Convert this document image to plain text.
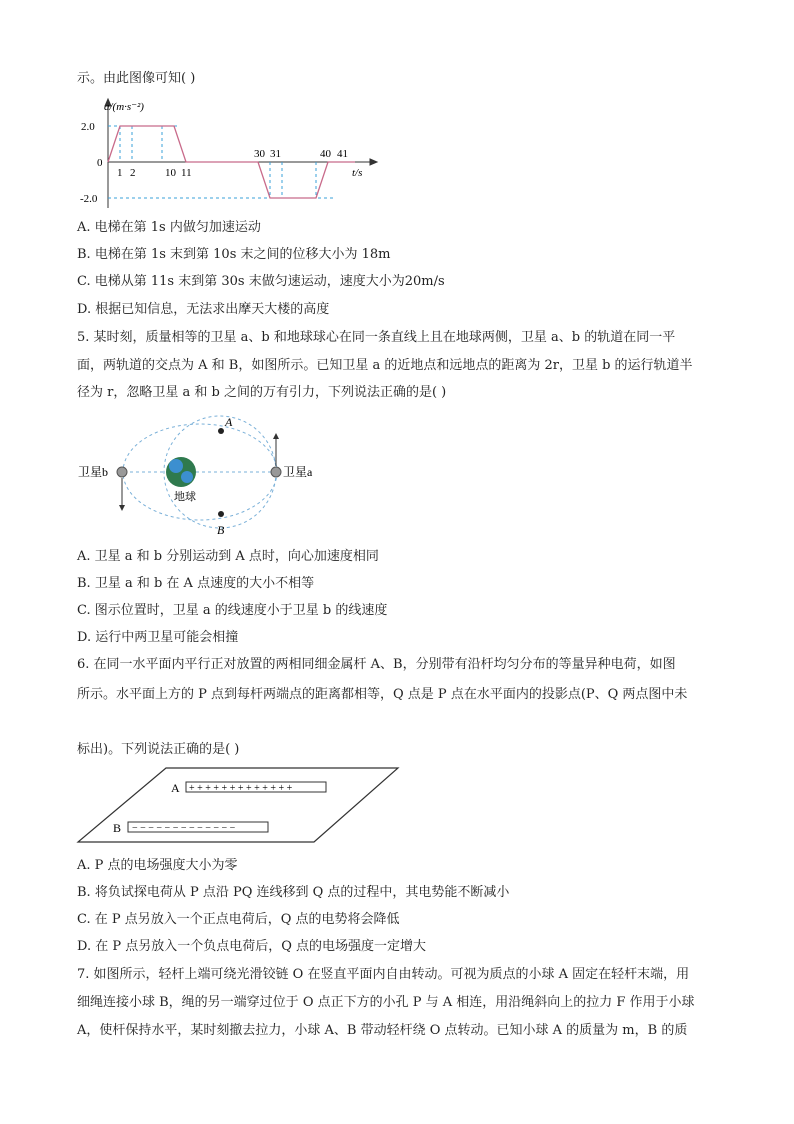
示。由此图像可知( )
a/(m·s⁻²)
2.0
0
-2.0
1 2	10 11
30 31	40 41
t/s
A. 电梯在第 1s 内做匀加速运动
B. 电梯在第 1s 末到第 10s 末之间的位移大小为 18m
C. 电梯从第 11s 末到第 30s 末做匀速运动，速度大小为20m/s
D. 根据已知信息，无法求出摩天大楼的高度
5. 某时刻，质量相等的卫星 a、b 和地球球心在同一条直线上且在地球两侧，卫星 a、b 的轨道在同一平
面，两轨道的交点为 A 和 B，如图所示。已知卫星 a 的近地点和远地点的距离为 2r，卫星 b 的运行轨道半
径为 r，忽略卫星 a 和 b 之间的万有引力，下列说法正确的是( )
A
B
地球
卫星b	卫星a
A. 卫星 a 和 b 分别运动到 A 点时，向心加速度相同
B. 卫星 a 和 b 在 A 点速度的大小不相等
C. 图示位置时，卫星 a 的线速度小于卫星 b 的线速度
D. 运行中两卫星可能会相撞
6. 在同一水平面内平行正对放置的两相同细金属杆 A、B，分别带有沿杆均匀分布的等量异种电荷，如图
所示。水平面上方的 P 点到每杆两端点的距离都相等，Q 点是 P 点在水平面内的投影点(P、Q 两点图中未
标出)。下列说法正确的是( )
A
B
+ + + + + + + + + + + + +
− − − − − − − − − − − − −
A. P 点的电场强度大小为零
B. 将负试探电荷从 P 点沿 PQ 连线移到 Q 点的过程中，其电势能不断减小
C. 在 P 点另放入一个正点电荷后，Q 点的电势将会降低
D. 在 P 点另放入一个负点电荷后，Q 点的电场强度一定增大
7. 如图所示，轻杆上端可绕光滑铰链 O 在竖直平面内自由转动。可视为质点的小球 A 固定在轻杆末端，用
细绳连接小球 B，绳的另一端穿过位于 O 点正下方的小孔 P 与 A 相连，用沿绳斜向上的拉力 F 作用于小球
A，使杆保持水平，某时刻撤去拉力，小球 A、B 带动轻杆绕 O 点转动。已知小球 A 的质量为 m，B 的质
